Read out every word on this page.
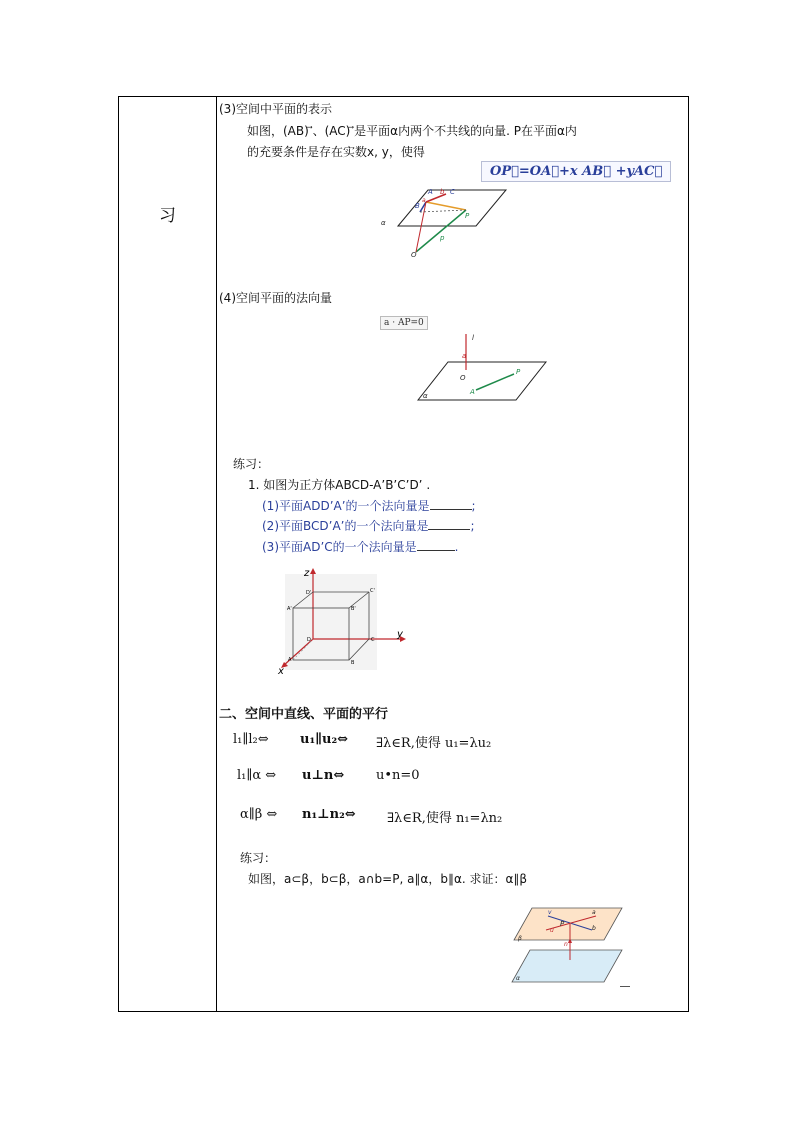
习
(3)空间中平面的表示
如图，(AB) ⃗、(AC) ⃗是平面α内两个不共线的向量. P在平面α内
的充要条件是存在实数x, y，使得
OP⃗=OA⃗+x AB⃗ +yAC⃗
A b C
B
a
P
α
p
O
(4)空间平面的法向量
a · AP=0
l
a
O
P
A
α
练习：
1. 如图为正方体ABCD-A’B’C’D’ .
(1)平面ADD’A’的一个法向量是	;
(2)平面BCD’A’的一个法向量是	;
(3)平面AD’C的一个法向量是	.
z
y
x
D'	C'
A'	B'
D	C
A	B
二、空间中直线、平面的平行
l₁∥l₂⇔ u₁∥u₂⇔ ∃λ∈R,使得 u₁=λu₂
l₁∥α ⇔ u⊥n⇔ u•n=0
α∥β ⇔ n₁⊥n₂⇔ ∃λ∈R,使得 n₁=λn₂
练习：
如图，a⊂β，b⊂β，a∩b=P, a∥α，b∥α. 求证：α∥β
v	a
P
b
u
β
n
α
